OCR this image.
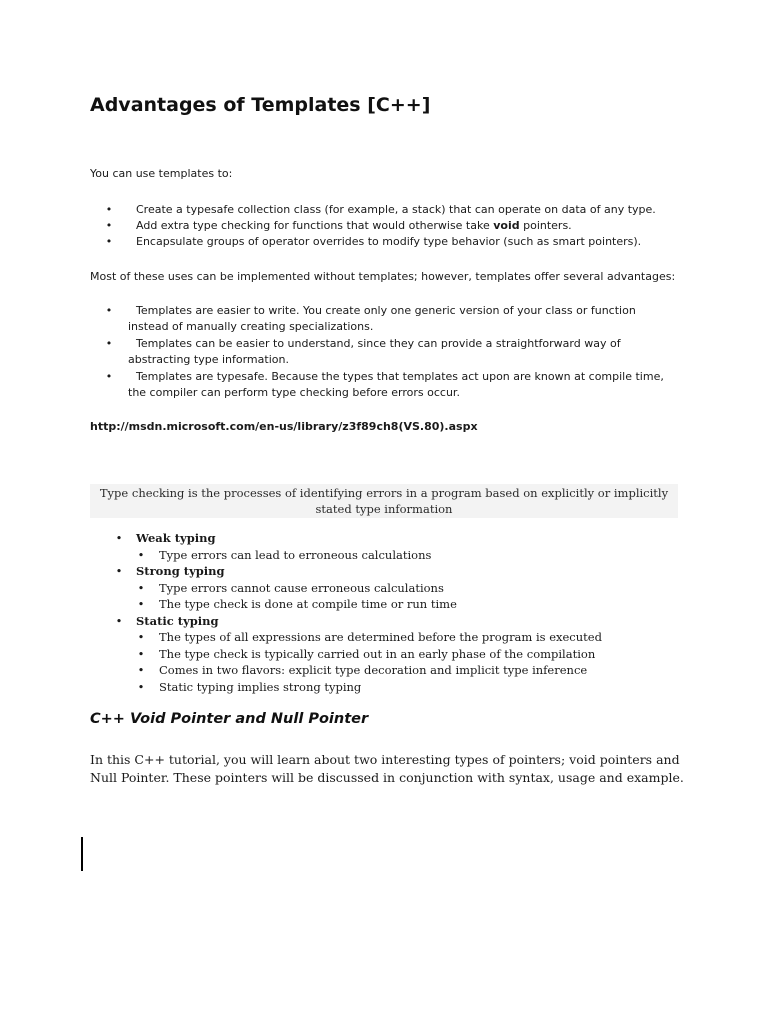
Advantages of Templates [C++]
You can use templates to:
• Create a typesafe collection class (for example, a stack) that can operate on data of any type.
• Add extra type checking for functions that would otherwise take void pointers.
• Encapsulate groups of operator overrides to modify type behavior (such as smart pointers).
Most of these uses can be implemented without templates; however, templates offer several advantages:
• Templates are easier to write. You create only one generic version of your class or function instead of manually creating specializations.
• Templates can be easier to understand, since they can provide a straightforward way of abstracting type information.
• Templates are typesafe. Because the types that templates act upon are known at compile time, the compiler can perform type checking before errors occur.
http://msdn.microsoft.com/en-us/library/z3f89ch8(VS.80).aspx
Type checking is the processes of identifying errors in a program based on explicitly or implicitly stated type information
• Weak typing
• Type errors can lead to erroneous calculations
• Strong typing
• Type errors cannot cause erroneous calculations
• The type check is done at compile time or run time
• Static typing
• The types of all expressions are determined before the program is executed
• The type check is typically carried out in an early phase of the compilation
• Comes in two flavors: explicit type decoration and implicit type inference
• Static typing implies strong typing
C++ Void Pointer and Null Pointer

In this C++ tutorial, you will learn about two interesting types of pointers; void pointers and Null Pointer. These pointers will be discussed in conjunction with syntax, usage and example.
